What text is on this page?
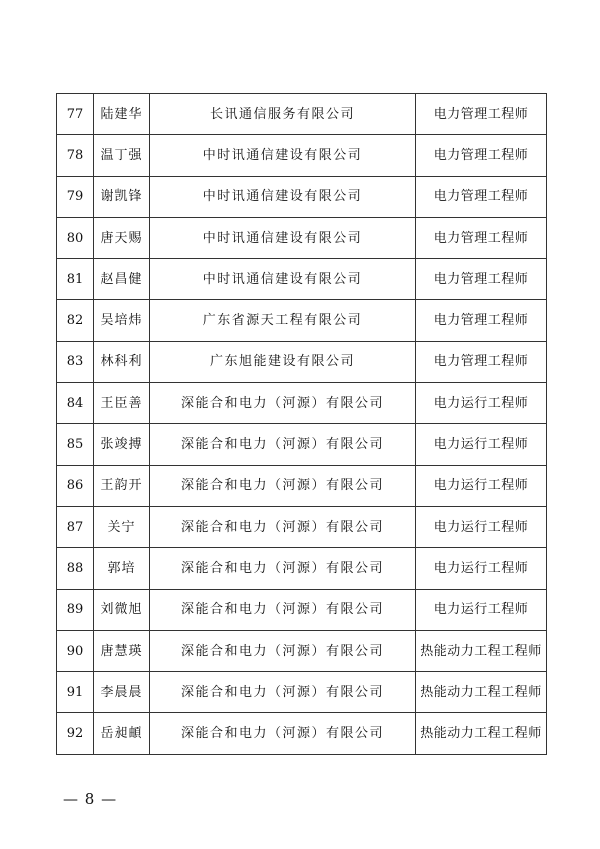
77	陆建华	长讯通信服务有限公司	电力管理工程师
78	温丁强	中时讯通信建设有限公司	电力管理工程师
79	谢凯锋	中时讯通信建设有限公司	电力管理工程师
80	唐天赐	中时讯通信建设有限公司	电力管理工程师
81	赵昌健	中时讯通信建设有限公司	电力管理工程师
82	吴培炜	广东省源天工程有限公司	电力管理工程师
83	林科利	广东旭能建设有限公司	电力管理工程师
84	王臣善	深能合和电力（河源）有限公司	电力运行工程师
85	张竣搏	深能合和电力（河源）有限公司	电力运行工程师
86	王韵开	深能合和电力（河源）有限公司	电力运行工程师
87	关宁	深能合和电力（河源）有限公司	电力运行工程师
88	郭培	深能合和电力（河源）有限公司	电力运行工程师
89	刘微旭	深能合和电力（河源）有限公司	电力运行工程师
90	唐慧瑛	深能合和电力（河源）有限公司	热能动力工程工程师
91	李晨晨	深能合和电力（河源）有限公司	热能动力工程工程师
92	岳昶頔	深能合和电力（河源）有限公司	热能动力工程工程师
— 8 —
